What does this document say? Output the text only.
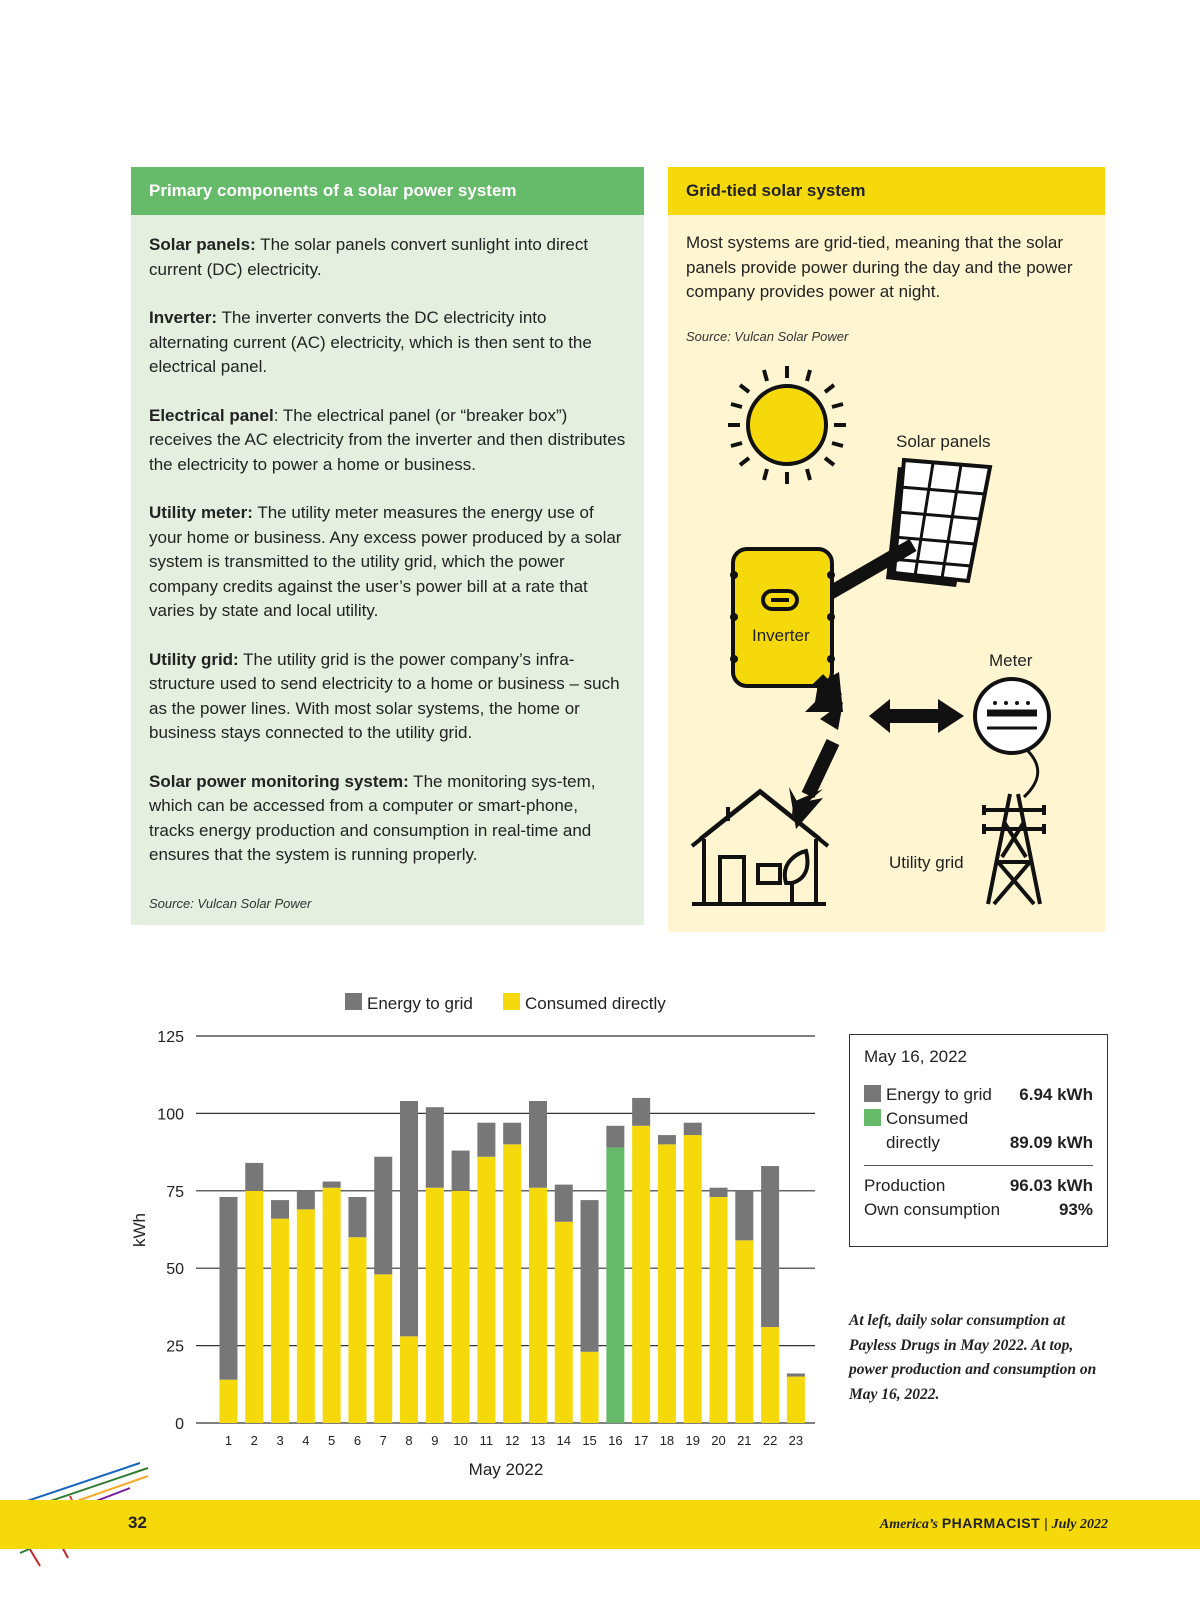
Primary components of a solar power system
Solar panels: The solar panels convert sunlight into direct current (DC) electricity.
Inverter: The inverter converts the DC electricity into alternating current (AC) electricity, which is then sent to the electrical panel.
Electrical panel: The electrical panel (or “breaker box”) receives the AC electricity from the inverter and then distributes the electricity to power a home or business.
Utility meter: The utility meter measures the energy use of your home or business. Any excess power produced by a solar system is transmitted to the utility grid, which the power company credits against the user’s power bill at a rate that varies by state and local utility.
Utility grid: The utility grid is the power company’s infra-structure used to send electricity to a home or business – such as the power lines. With most solar systems, the home or business stays connected to the utility grid.
Solar power monitoring system: The monitoring sys-tem, which can be accessed from a computer or smart-phone, tracks energy production and consumption in real-time and ensures that the system is running properly.
Source: Vulcan Solar Power
Grid-tied solar system
Most systems are grid-tied, meaning that the solar panels provide power during the day and the power company provides power at night.
Source: Vulcan Solar Power
Solar panels
Inverter
Meter
Utility grid
Energy to grid	Consumed directly
0
25
50
75
100
125
1 2 3 4 5 6 7 8 9 10 11 12 13 14 15 16 17 18 19 20 21 22 23
kWh
May 2022
May 16, 2022
Energy to grid 6.94 kWh
Consumed
directly	89.09 kWh
Production	96.03 kWh
Own consumption	93%
At left, daily solar consumption at Payless Drugs in May 2022. At top, power production and consumption on May 16, 2022.
32	America’s PHARMACIST | July 2022
